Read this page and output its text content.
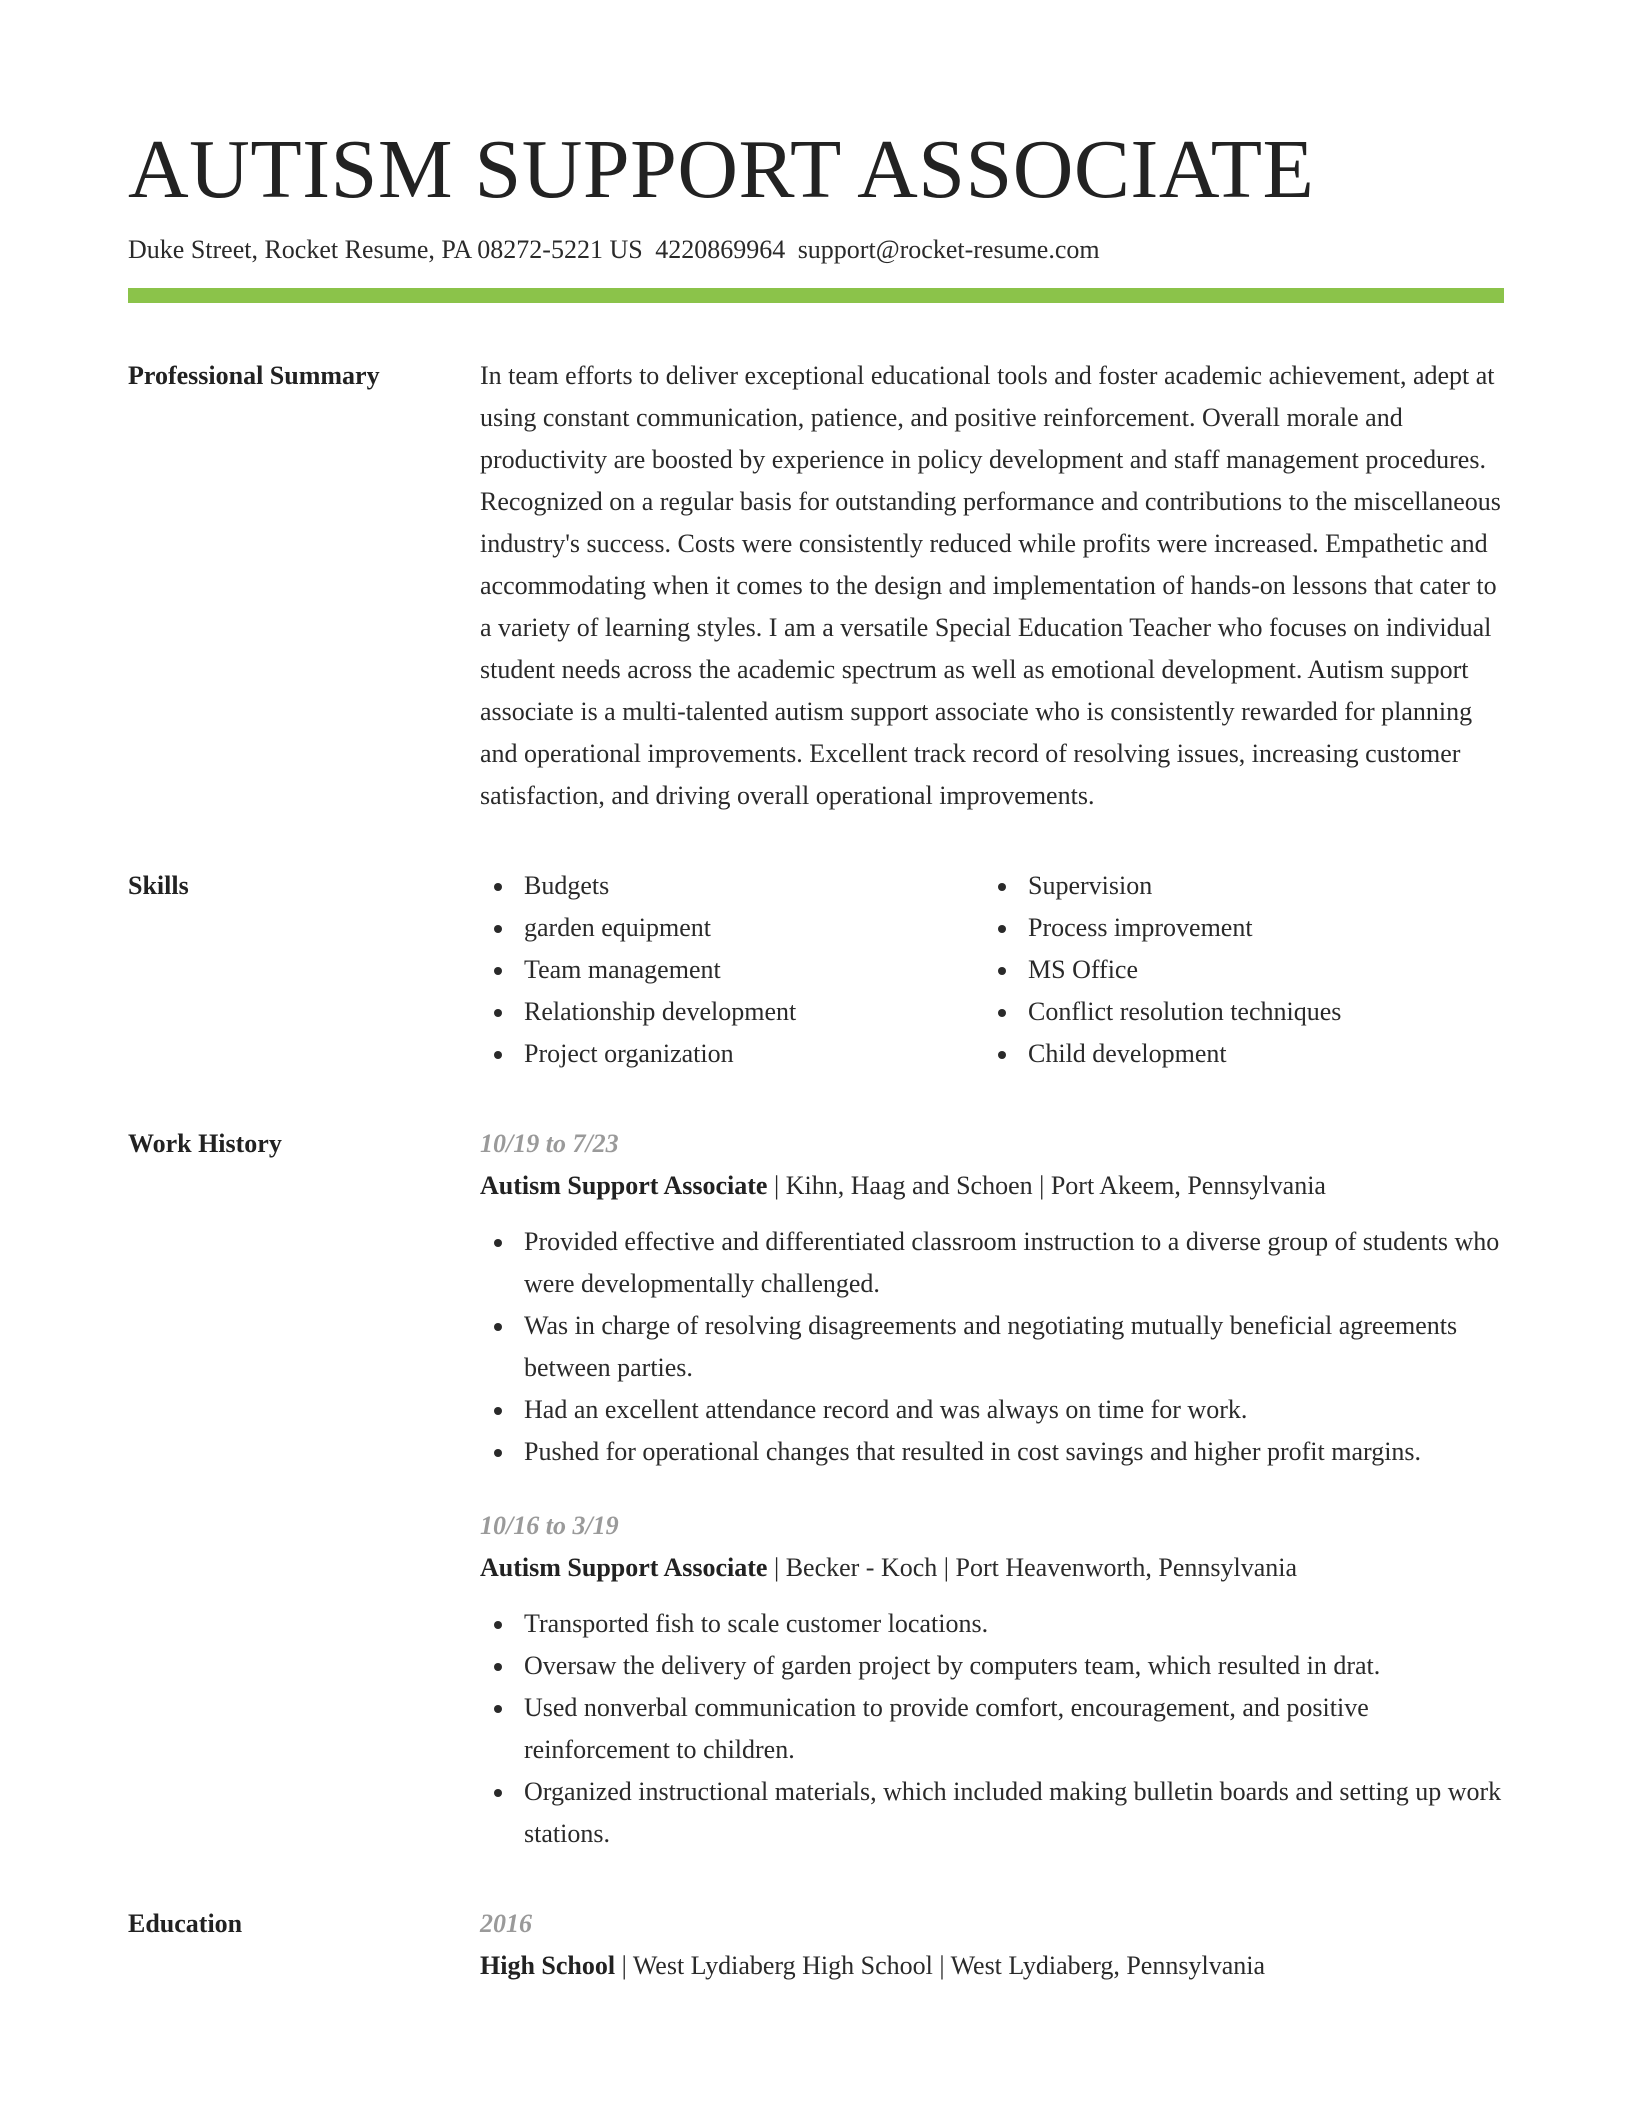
AUTISM SUPPORT ASSOCIATE
Duke Street, Rocket Resume, PA 08272-5221 US 4220869964 support@rocket-resume.com
Professional Summary	In team efforts to deliver exceptional educational tools and foster academic achievement, adept at using constant communication, patience, and positive reinforcement. Overall morale and productivity are boosted by experience in policy development and staff management procedures. Recognized on a regular basis for outstanding performance and contributions to the miscellaneous industry's success. Costs were consistently reduced while profits were increased. Empathetic and accommodating when it comes to the design and implementation of hands-on lessons that cater to a variety of learning styles. I am a versatile Special Education Teacher who focuses on individual student needs across the academic spectrum as well as emotional development. Autism support associate is a multi-talented autism support associate who is consistently rewarded for planning and operational improvements. Excellent track record of resolving issues, increasing customer satisfaction, and driving overall operational improvements.

Skills	Budgets
garden equipment
Team management
Relationship development
Project organization
Supervision
Process improvement
MS Office
Conflict resolution techniques
Child development
Work History	10/19 to 7/23
Autism Support Associate | Kihn, Haag and Schoen | Port Akeem, Pennsylvania
Provided effective and differentiated classroom instruction to a diverse group of students who were developmentally challenged.
Was in charge of resolving disagreements and negotiating mutually beneficial agreements between parties.
Had an excellent attendance record and was always on time for work.
Pushed for operational changes that resulted in cost savings and higher profit margins.
10/16 to 3/19
Autism Support Associate | Becker - Koch | Port Heavenworth, Pennsylvania
Transported fish to scale customer locations.
Oversaw the delivery of garden project by computers team, which resulted in drat.
Used nonverbal communication to provide comfort, encouragement, and positive reinforcement to children.
Organized instructional materials, which included making bulletin boards and setting up work stations.
Education	2016
High School | West Lydiaberg High School | West Lydiaberg, Pennsylvania
